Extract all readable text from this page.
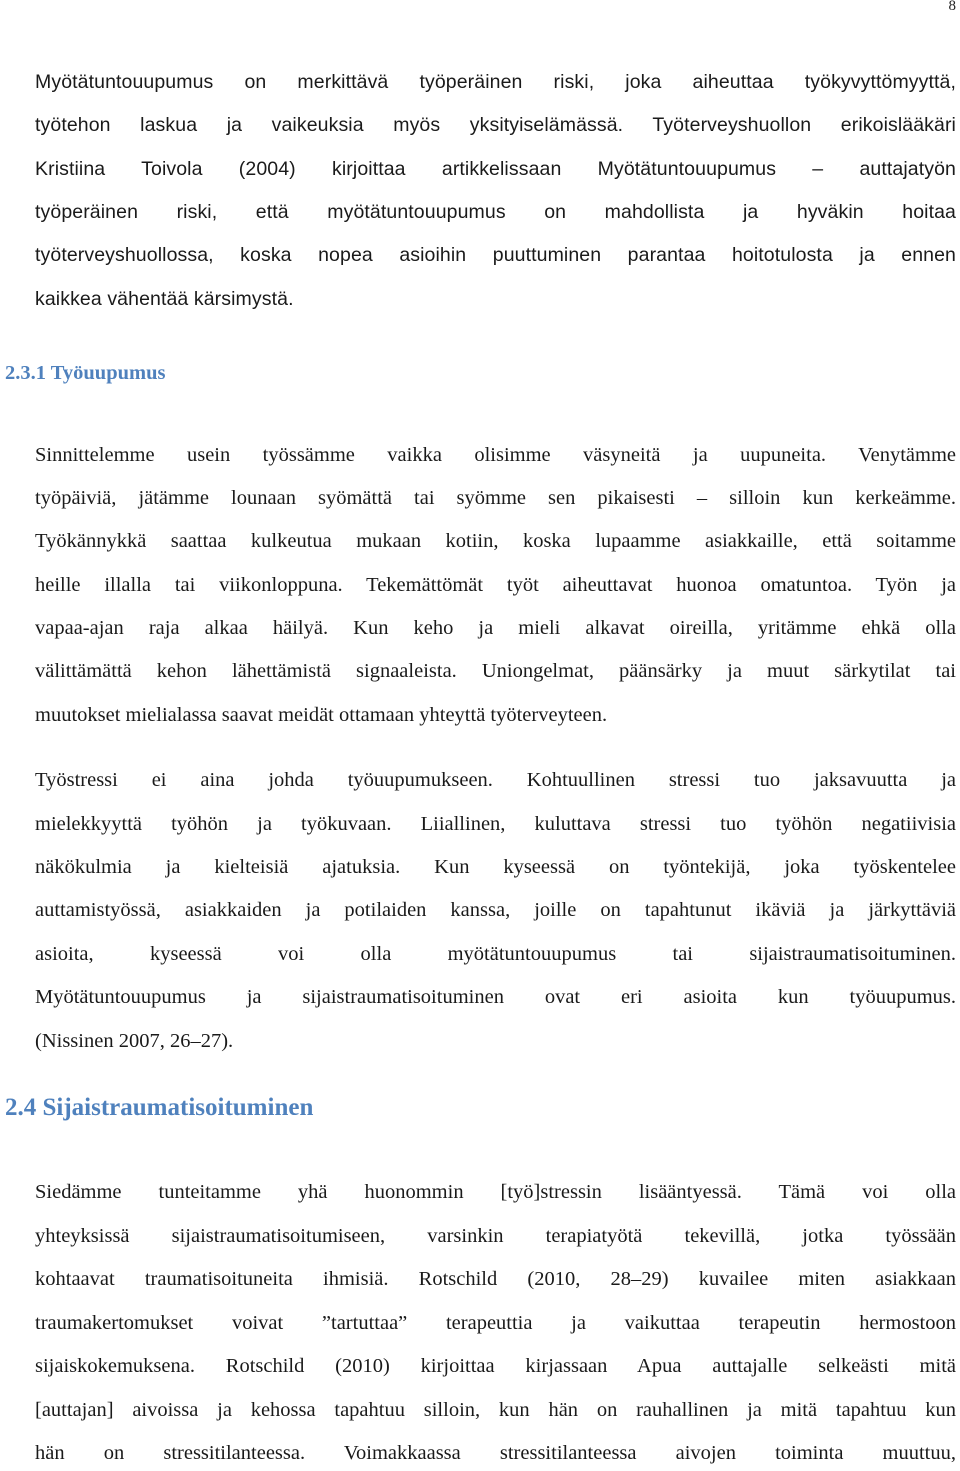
8
Myötätuntouupumus on merkittävä työperäinen riski, joka aiheuttaa työkyvyttömyyttä,
työtehon laskua ja vaikeuksia myös yksityiselämässä. Työterveyshuollon erikoislääkäri
Kristiina Toivola (2004) kirjoittaa artikkelissaan Myötätuntouupumus – auttajatyön
työperäinen riski, että myötätuntouupumus on mahdollista ja hyväkin hoitaa
työterveyshuollossa, koska nopea asioihin puuttuminen parantaa hoitotulosta ja ennen
kaikkea vähentää kärsimystä.
2.3.1 Työuupumus
Sinnittelemme usein työssämme vaikka olisimme väsyneitä ja uupuneita. Venytämme
työpäiviä, jätämme lounaan syömättä tai syömme sen pikaisesti – silloin kun kerkeämme.
Työkännykkä saattaa kulkeutua mukaan kotiin, koska lupaamme asiakkaille, että soitamme
heille illalla tai viikonloppuna. Tekemättömät työt aiheuttavat huonoa omatuntoa. Työn ja
vapaa-ajan raja alkaa häilyä. Kun keho ja mieli alkavat oireilla, yritämme ehkä olla
välittämättä kehon lähettämistä signaaleista. Uniongelmat, päänsärky ja muut särkytilat tai
muutokset mielialassa saavat meidät ottamaan yhteyttä työterveyteen.
Työstressi ei aina johda työuupumukseen. Kohtuullinen stressi tuo jaksavuutta ja
mielekkyyttä työhön ja työkuvaan. Liiallinen, kuluttava stressi tuo työhön negatiivisia
näkökulmia ja kielteisiä ajatuksia. Kun kyseessä on työntekijä, joka työskentelee
auttamistyössä, asiakkaiden ja potilaiden kanssa, joille on tapahtunut ikäviä ja järkyttäviä
asioita, kyseessä voi olla myötätuntouupumus tai sijaistraumatisoituminen.
Myötätuntouupumus ja sijaistraumatisoituminen ovat eri asioita kun työuupumus.
(Nissinen 2007, 26–27).
2.4 Sijaistraumatisoituminen
Siedämme tunteitamme yhä huonommin [työ]stressin lisääntyessä. Tämä voi olla
yhteyksissä sijaistraumatisoitumiseen, varsinkin terapiatyötä tekevillä, jotka työssään
kohtaavat traumatisoituneita ihmisiä. Rotschild (2010, 28–29) kuvailee miten asiakkaan
traumakertomukset voivat ”tartuttaa” terapeuttia ja vaikuttaa terapeutin hermostoon
sijaiskokemuksena. Rotschild (2010) kirjoittaa kirjassaan Apua auttajalle selkeästi mitä
[auttajan] aivoissa ja kehossa tapahtuu silloin, kun hän on rauhallinen ja mitä tapahtuu kun
hän on stressitilanteessa. Voimakkaassa stressitilanteessa aivojen toiminta muuttuu,
